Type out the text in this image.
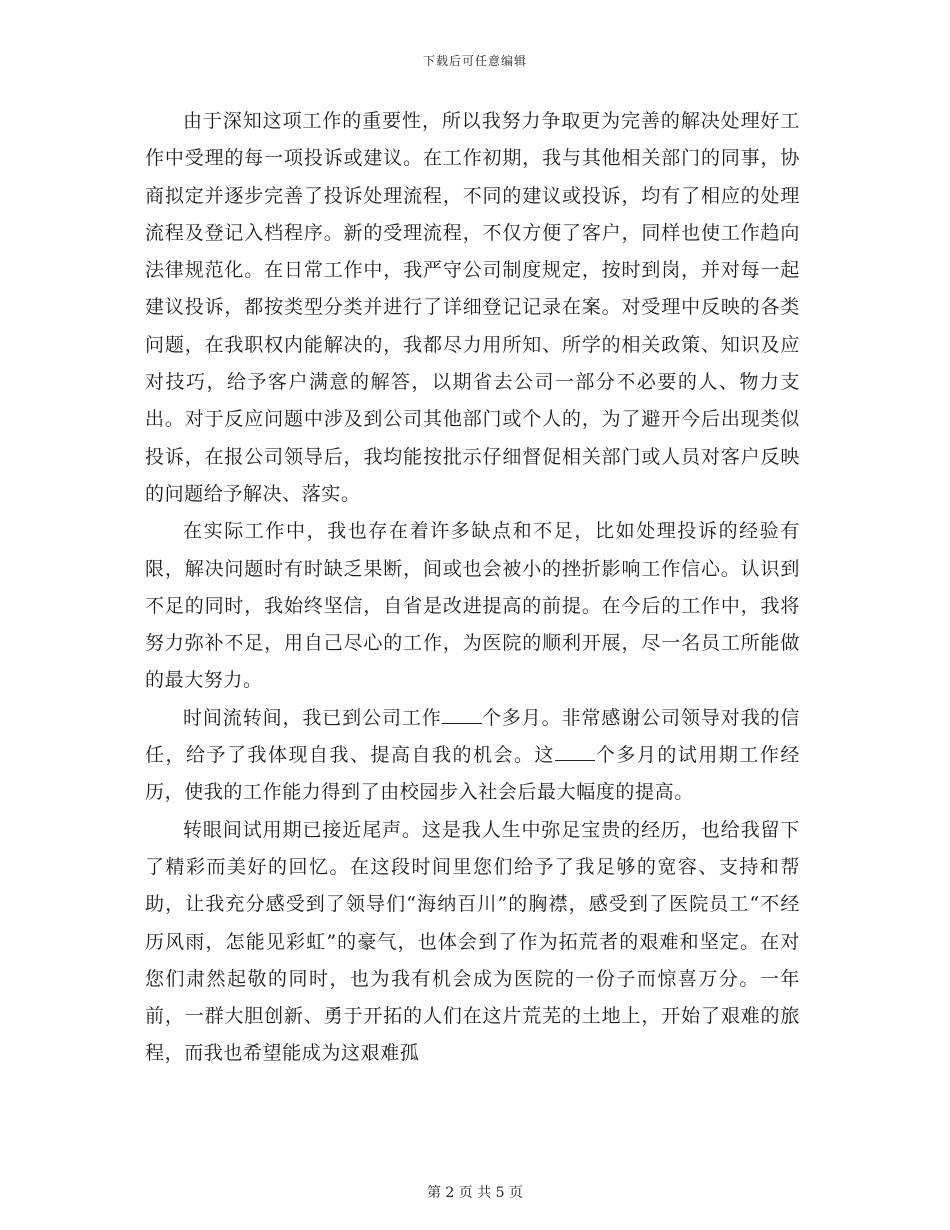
下载后可任意编辑

由于深知这项工作的重要性，所以我努力争取更为完善的解决处理好工作中受理的每一项投诉或建议。在工作初期，我与其他相关部门的同事，协商拟定并逐步完善了投诉处理流程，不同的建议或投诉，均有了相应的处理流程及登记入档程序。新的受理流程，不仅方便了客户，同样也使工作趋向法律规范化。在日常工作中，我严守公司制度规定，按时到岗，并对每一起建议投诉，都按类型分类并进行了详细登记记录在案。对受理中反映的各类问题，在我职权内能解决的，我都尽力用所知、所学的相关政策、知识及应对技巧，给予客户满意的解答，以期省去公司一部分不必要的人、物力支出。对于反应问题中涉及到公司其他部门或个人的，为了避开今后出现类似投诉，在报公司领导后，我均能按批示仔细督促相关部门或人员对客户反映的问题给予解决、落实。

在实际工作中，我也存在着许多缺点和不足，比如处理投诉的经验有限，解决问题时有时缺乏果断，间或也会被小的挫折影响工作信心。认识到不足的同时，我始终坚信，自省是改进提高的前提。在今后的工作中，我将努力弥补不足，用自己尽心的工作，为医院的顺利开展，尽一名员工所能做的最大努力。

时间流转间，我已到公司工作 个多月。非常感谢公司领导对我的信任，给予了我体现自我、提高自我的机会。这 个多月的试用期工作经历，使我的工作能力得到了由校园步入社会后最大幅度的提高。

转眼间试用期已接近尾声。这是我人生中弥足宝贵的经历，也给我留下了精彩而美好的回忆。在这段时间里您们给予了我足够的宽容、支持和帮助，让我充分感受到了领导们“海纳百川”的胸襟，感受到了医院员工“不经历风雨，怎能见彩虹”的豪气，也体会到了作为拓荒者的艰难和坚定。在对您们肃然起敬的同时，也为我有机会成为医院的一份子而惊喜万分。一年前，一群大胆创新、勇于开拓的人们在这片荒芜的土地上，开始了艰难的旅程，而我也希望能成为这艰难孤

第 2 页 共 5 页
